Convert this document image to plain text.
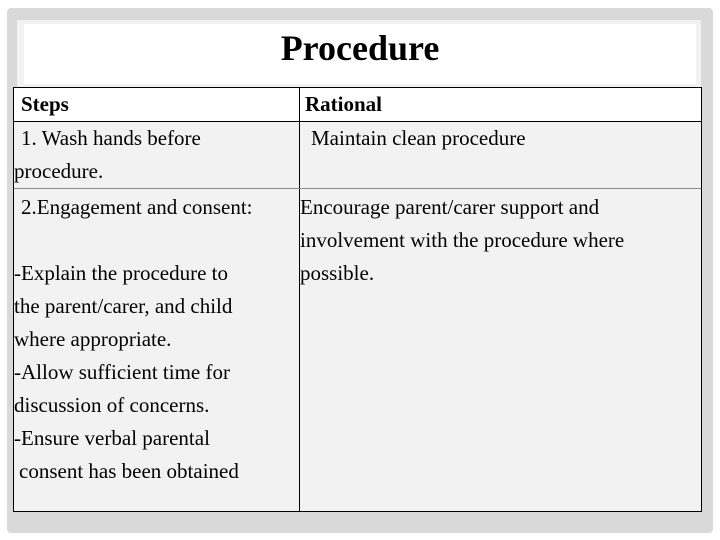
Procedure
Steps	Rational
1. Wash hands before
procedure.
Maintain clean procedure
2.Engagement and consent:
-Explain the procedure to
the parent/carer, and child
where appropriate.
-Allow sufficient time for
discussion of concerns.
-Ensure verbal parental
consent has been obtained
Encourage parent/carer support and
involvement with the procedure where
possible.
